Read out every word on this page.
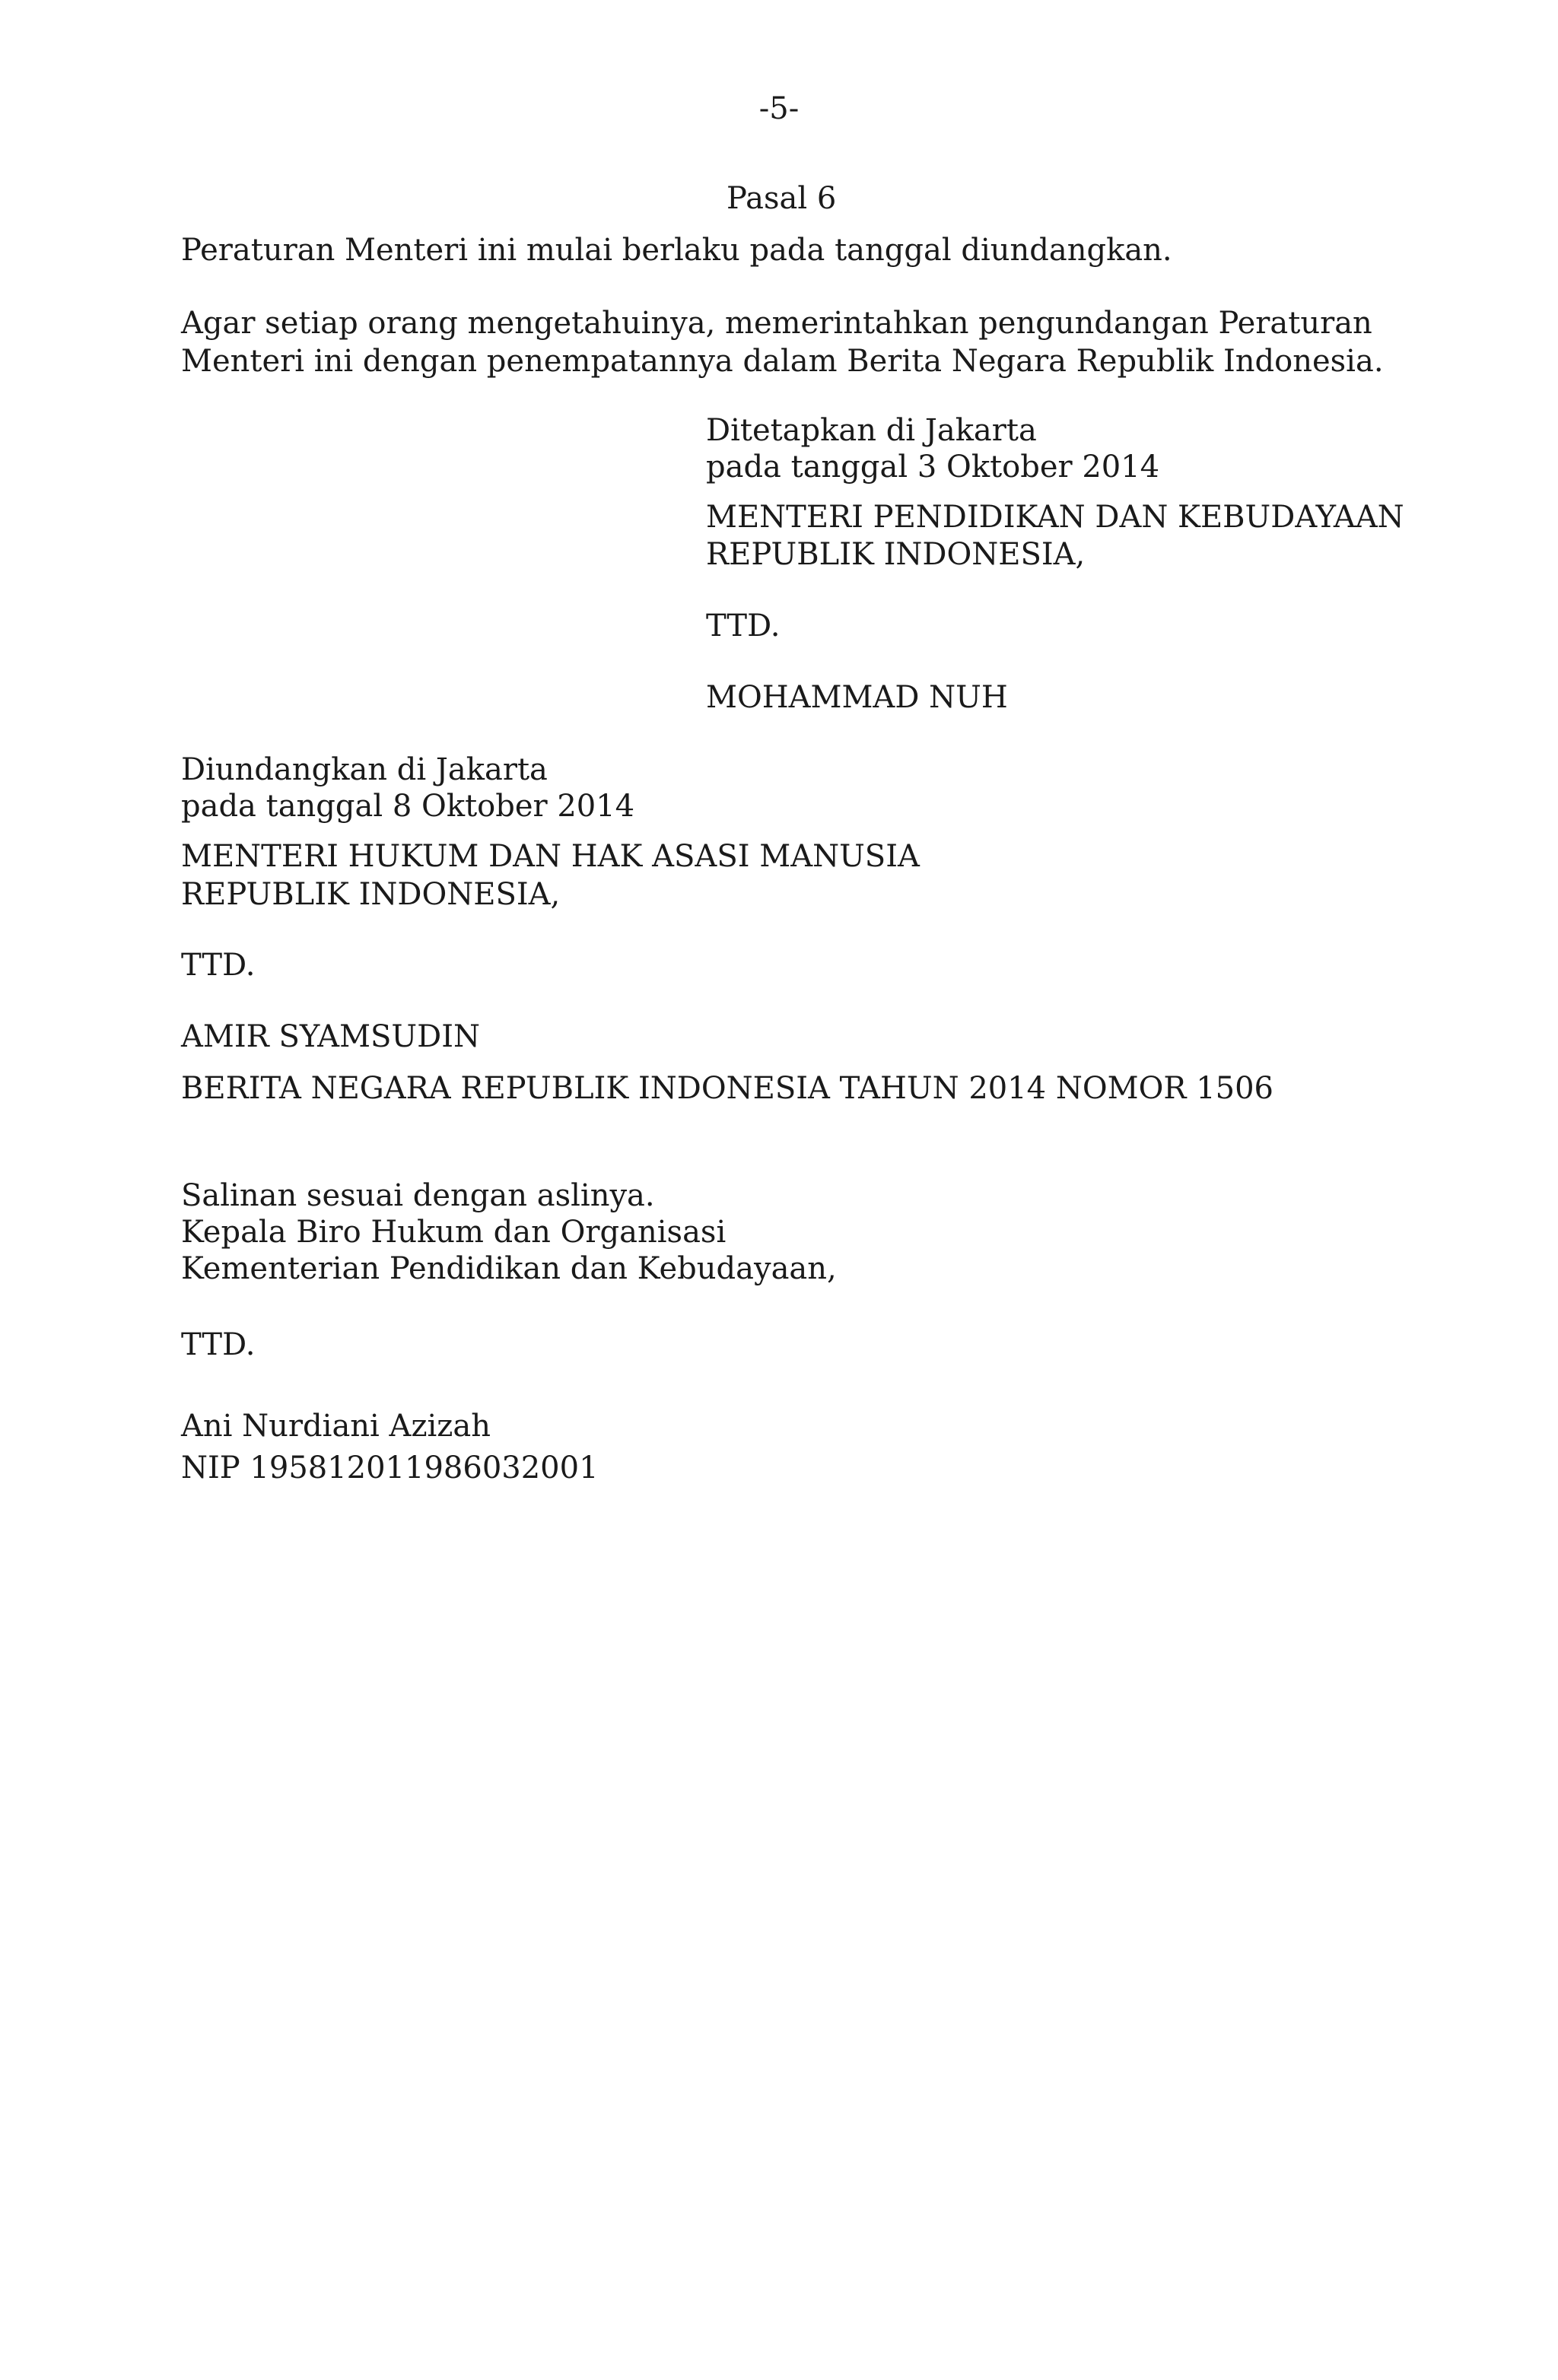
-5-

Pasal 6

Peraturan Menteri ini mulai berlaku pada tanggal diundangkan.

Agar setiap orang mengetahuinya, memerintahkan pengundangan Peraturan

Menteri ini dengan penempatannya dalam Berita Negara Republik Indonesia.

Ditetapkan di Jakarta

pada tanggal 3 Oktober 2014

MENTERI PENDIDIKAN DAN KEBUDAYAAN

REPUBLIK INDONESIA,

TTD.

MOHAMMAD NUH

Diundangkan di Jakarta

pada tanggal 8 Oktober 2014

MENTERI HUKUM DAN HAK ASASI MANUSIA

REPUBLIK INDONESIA,

TTD.

AMIR SYAMSUDIN

BERITA NEGARA REPUBLIK INDONESIA TAHUN 2014 NOMOR 1506

Salinan sesuai dengan aslinya.

Kepala Biro Hukum dan Organisasi

Kementerian Pendidikan dan Kebudayaan,

TTD.

Ani Nurdiani Azizah

NIP 195812011986032001
